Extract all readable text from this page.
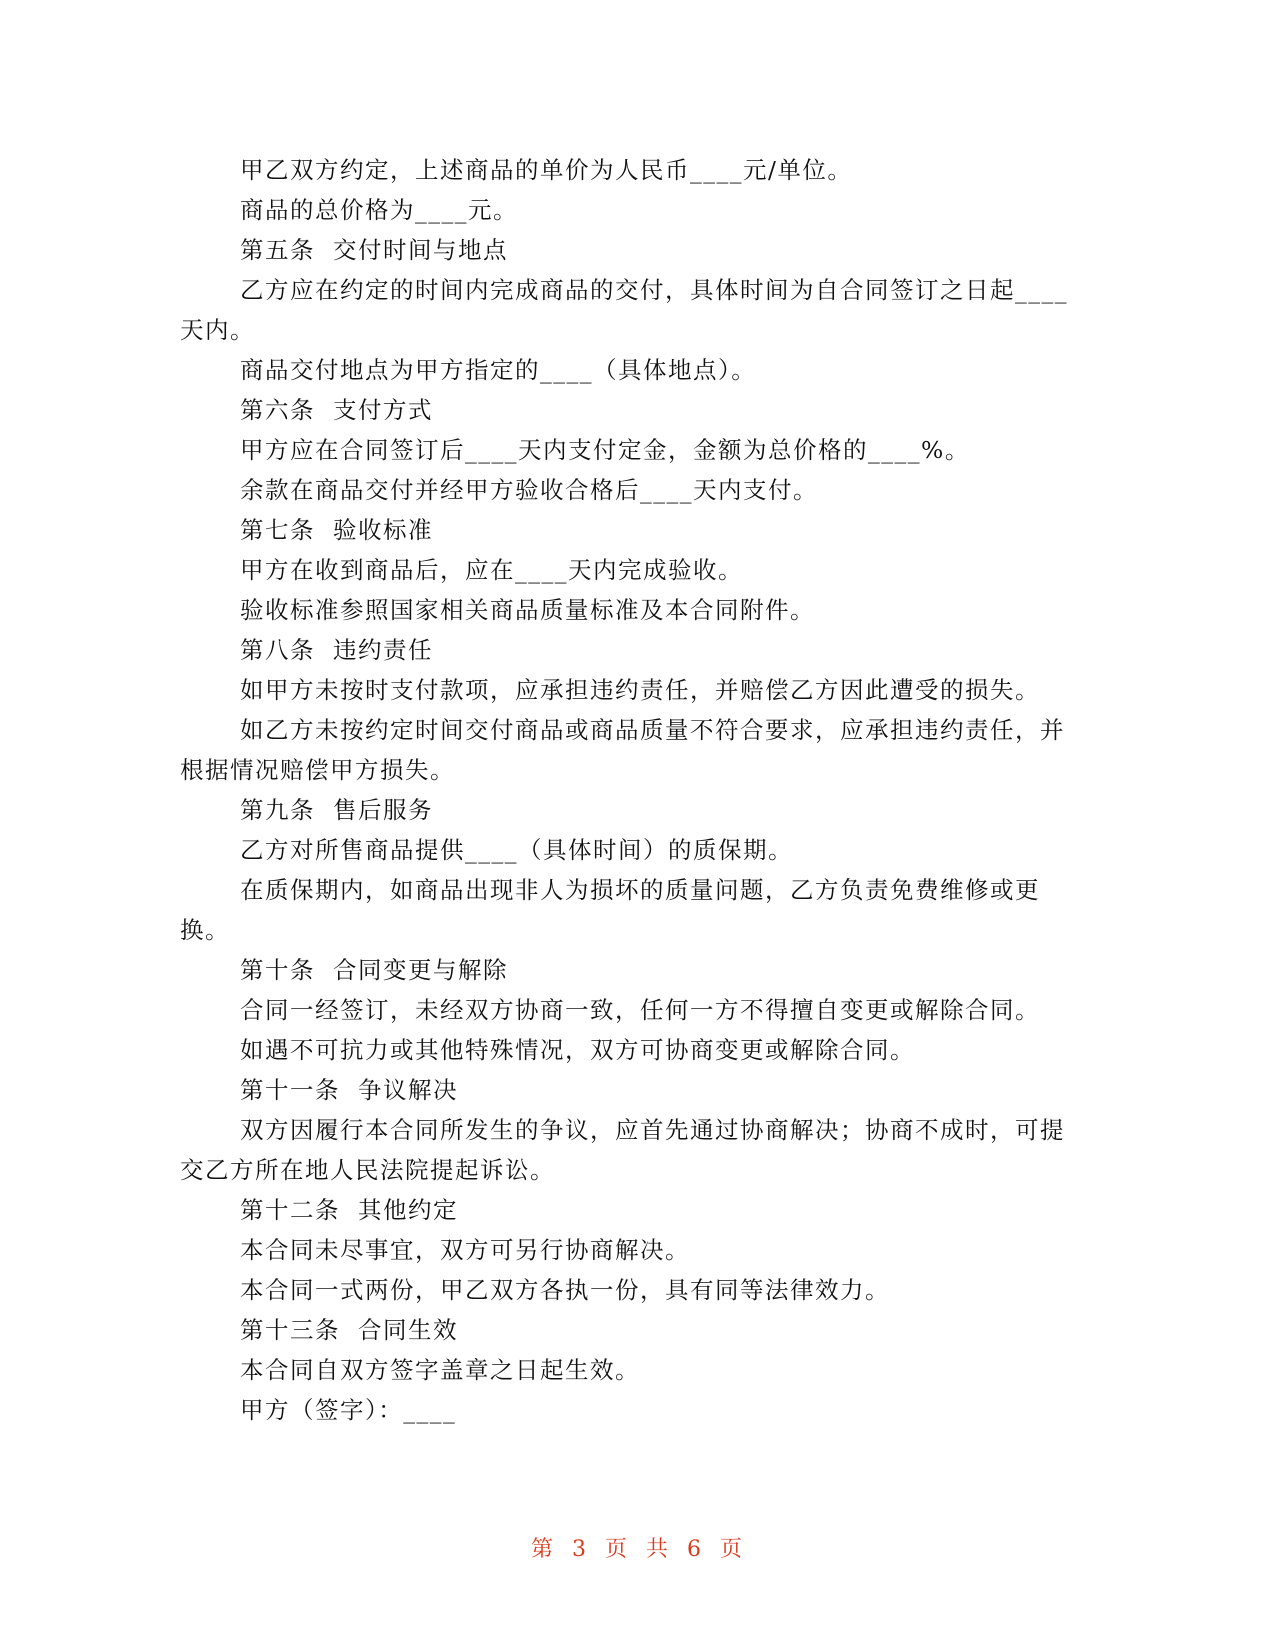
甲乙双方约定，上述商品的单价为人民币____元/单位。

商品的总价格为____元。

第五条  交付时间与地点

乙方应在约定的时间内完成商品的交付，具体时间为自合同签订之日起____天内。

商品交付地点为甲方指定的____（具体地点）。

第六条  支付方式

甲方应在合同签订后____天内支付定金，金额为总价格的____%。

余款在商品交付并经甲方验收合格后____天内支付。

第七条  验收标准

甲方在收到商品后，应在____天内完成验收。

验收标准参照国家相关商品质量标准及本合同附件。

第八条  违约责任

如甲方未按时支付款项，应承担违约责任，并赔偿乙方因此遭受的损失。

如乙方未按约定时间交付商品或商品质量不符合要求，应承担违约责任，并根据情况赔偿甲方损失。

第九条  售后服务

乙方对所售商品提供____（具体时间）的质保期。

在质保期内，如商品出现非人为损坏的质量问题，乙方负责免费维修或更换。

第十条  合同变更与解除

合同一经签订，未经双方协商一致，任何一方不得擅自变更或解除合同。

如遇不可抗力或其他特殊情况，双方可协商变更或解除合同。

第十一条  争议解决

双方因履行本合同所发生的争议，应首先通过协商解决；协商不成时，可提交乙方所在地人民法院提起诉讼。

第十二条  其他约定

本合同未尽事宜，双方可另行协商解决。

本合同一式两份，甲乙双方各执一份，具有同等法律效力。

第十三条  合同生效

本合同自双方签字盖章之日起生效。

甲方（签字）：____

第 3 页 共 6 页
